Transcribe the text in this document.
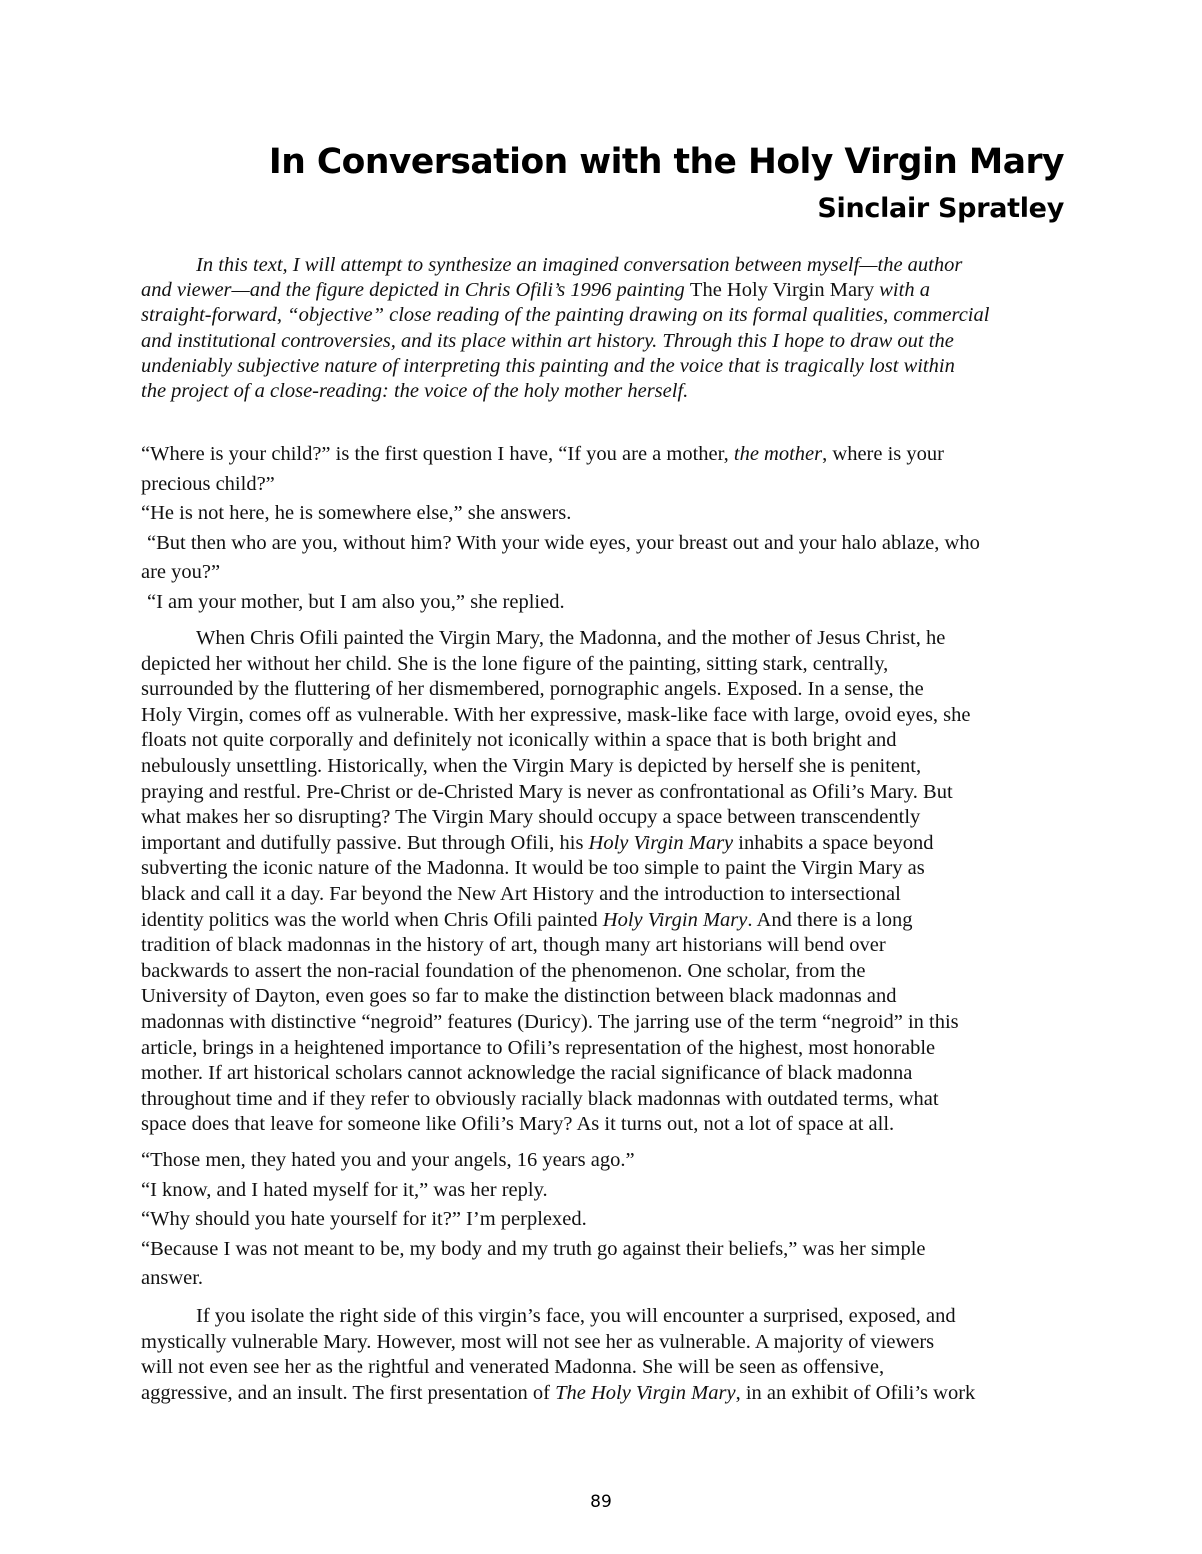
In Conversation with the Holy Virgin Mary
Sinclair Spratley
In this text, I will attempt to synthesize an imagined conversation between myself—the author
and viewer—and the figure depicted in Chris Ofili’s 1996 painting The Holy Virgin Mary with a
straight-forward, “objective” close reading of the painting drawing on its formal qualities, commercial
and institutional controversies, and its place within art history. Through this I hope to draw out the
undeniably subjective nature of interpreting this painting and the voice that is tragically lost within
the project of a close-reading: the voice of the holy mother herself.
“Where is your child?” is the first question I have, “If you are a mother, the mother, where is your
precious child?”
“He is not here, he is somewhere else,” she answers.
“But then who are you, without him? With your wide eyes, your breast out and your halo ablaze, who
are you?”
“I am your mother, but I am also you,” she replied.
When Chris Ofili painted the Virgin Mary, the Madonna, and the mother of Jesus Christ, he
depicted her without her child. She is the lone figure of the painting, sitting stark, centrally,
surrounded by the fluttering of her dismembered, pornographic angels. Exposed. In a sense, the
Holy Virgin, comes off as vulnerable. With her expressive, mask-like face with large, ovoid eyes, she
floats not quite corporally and definitely not iconically within a space that is both bright and
nebulously unsettling. Historically, when the Virgin Mary is depicted by herself she is penitent,
praying and restful. Pre-Christ or de-Christed Mary is never as confrontational as Ofili’s Mary. But
what makes her so disrupting? The Virgin Mary should occupy a space between transcendently
important and dutifully passive. But through Ofili, his Holy Virgin Mary inhabits a space beyond
subverting the iconic nature of the Madonna. It would be too simple to paint the Virgin Mary as
black and call it a day. Far beyond the New Art History and the introduction to intersectional
identity politics was the world when Chris Ofili painted Holy Virgin Mary. And there is a long
tradition of black madonnas in the history of art, though many art historians will bend over
backwards to assert the non-racial foundation of the phenomenon. One scholar, from the
University of Dayton, even goes so far to make the distinction between black madonnas and
madonnas with distinctive “negroid” features (Duricy). The jarring use of the term “negroid” in this
article, brings in a heightened importance to Ofili’s representation of the highest, most honorable
mother. If art historical scholars cannot acknowledge the racial significance of black madonna
throughout time and if they refer to obviously racially black madonnas with outdated terms, what
space does that leave for someone like Ofili’s Mary? As it turns out, not a lot of space at all.
“Those men, they hated you and your angels, 16 years ago.”
“I know, and I hated myself for it,” was her reply.
“Why should you hate yourself for it?” I’m perplexed.
“Because I was not meant to be, my body and my truth go against their beliefs,” was her simple
answer.
If you isolate the right side of this virgin’s face, you will encounter a surprised, exposed, and
mystically vulnerable Mary. However, most will not see her as vulnerable. A majority of viewers
will not even see her as the rightful and venerated Madonna. She will be seen as offensive,
aggressive, and an insult. The first presentation of The Holy Virgin Mary, in an exhibit of Ofili’s work
89
